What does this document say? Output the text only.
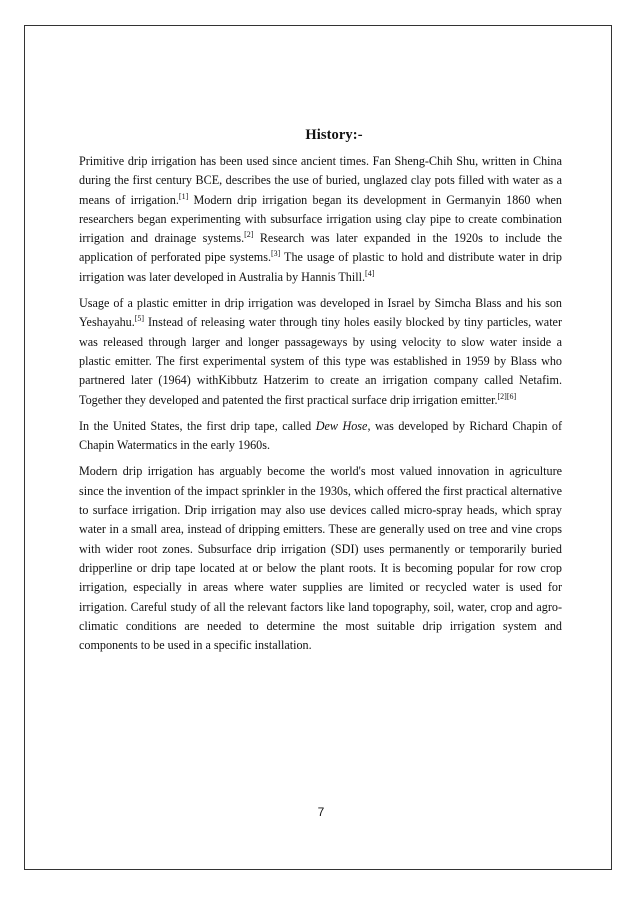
History:-

Primitive drip irrigation has been used since ancient times. Fan Sheng-Chih Shu, written in China during the first century BCE, describes the use of buried, unglazed clay pots filled with water as a means of irrigation.[1] Modern drip irrigation began its development in Germanyin 1860 when researchers began experimenting with subsurface irrigation using clay pipe to create combination irrigation and drainage systems.[2] Research was later expanded in the 1920s to include the application of perforated pipe systems.[3] The usage of plastic to hold and distribute water in drip irrigation was later developed in Australia by Hannis Thill.[4]

Usage of a plastic emitter in drip irrigation was developed in Israel by Simcha Blass and his son Yeshayahu.[5] Instead of releasing water through tiny holes easily blocked by tiny particles, water was released through larger and longer passageways by using velocity to slow water inside a plastic emitter. The first experimental system of this type was established in 1959 by Blass who partnered later (1964) withKibbutz Hatzerim to create an irrigation company called Netafim. Together they developed and patented the first practical surface drip irrigation emitter.[2][6]

In the United States, the first drip tape, called Dew Hose, was developed by Richard Chapin of Chapin Watermatics in the early 1960s.

Modern drip irrigation has arguably become the world's most valued innovation in agriculture since the invention of the impact sprinkler in the 1930s, which offered the first practical alternative to surface irrigation. Drip irrigation may also use devices called micro-spray heads, which spray water in a small area, instead of dripping emitters. These are generally used on tree and vine crops with wider root zones. Subsurface drip irrigation (SDI) uses permanently or temporarily buried dripperline or drip tape located at or below the plant roots. It is becoming popular for row crop irrigation, especially in areas where water supplies are limited or recycled water is used for irrigation. Careful study of all the relevant factors like land topography, soil, water, crop and agro-climatic conditions are needed to determine the most suitable drip irrigation system and components to be used in a specific installation.

7
